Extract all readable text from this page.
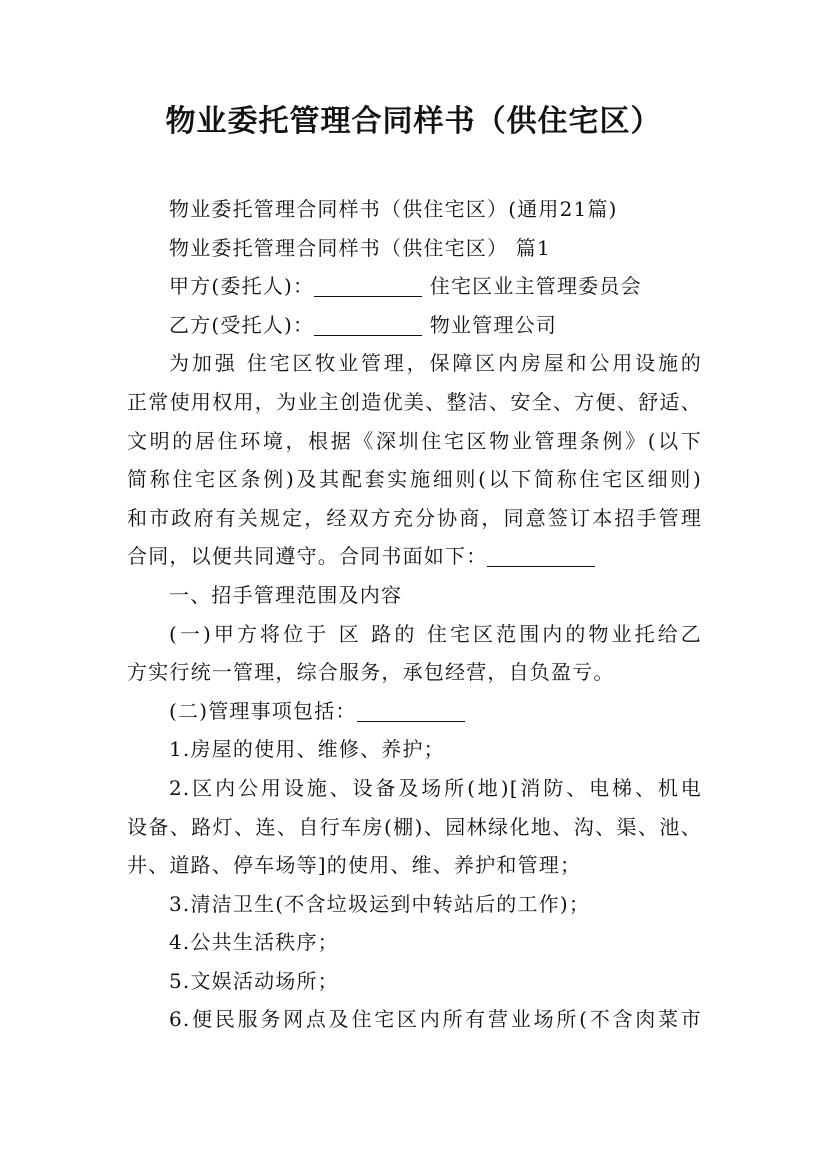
物业委托管理合同样书（供住宅区）

物业委托管理合同样书（供住宅区）(通用21篇)

物业委托管理合同样书（供住宅区） 篇1

甲方(委托人)：	住宅区业主管理委员会

乙方(受托人)：	物业管理公司

为加强 住宅区牧业管理，保障区内房屋和公用设施的

正常使用权用，为业主创造优美、整洁、安全、方便、舒适、

文明的居住环境，根据《深圳住宅区物业管理条例》(以下

简称住宅区条例)及其配套实施细则(以下简称住宅区细则)

和市政府有关规定，经双方充分协商，同意签订本招手管理

合同，以便共同遵守。合同书面如下：

一、招手管理范围及内容

(一)甲方将位于 区 路的 住宅区范围内的物业托给乙

方实行统一管理，综合服务，承包经营，自负盈亏。

(二)管理事项包括：

1.房屋的使用、维修、养护；

2.区内公用设施、设备及场所(地)[消防、电梯、机电

设备、路灯、连、自行车房(棚)、园林绿化地、沟、渠、池、

井、道路、停车场等]的使用、维、养护和管理；

3.清洁卫生(不含垃圾运到中转站后的工作)；

4.公共生活秩序；

5.文娱活动场所；

6.便民服务网点及住宅区内所有营业场所(不含肉菜市
